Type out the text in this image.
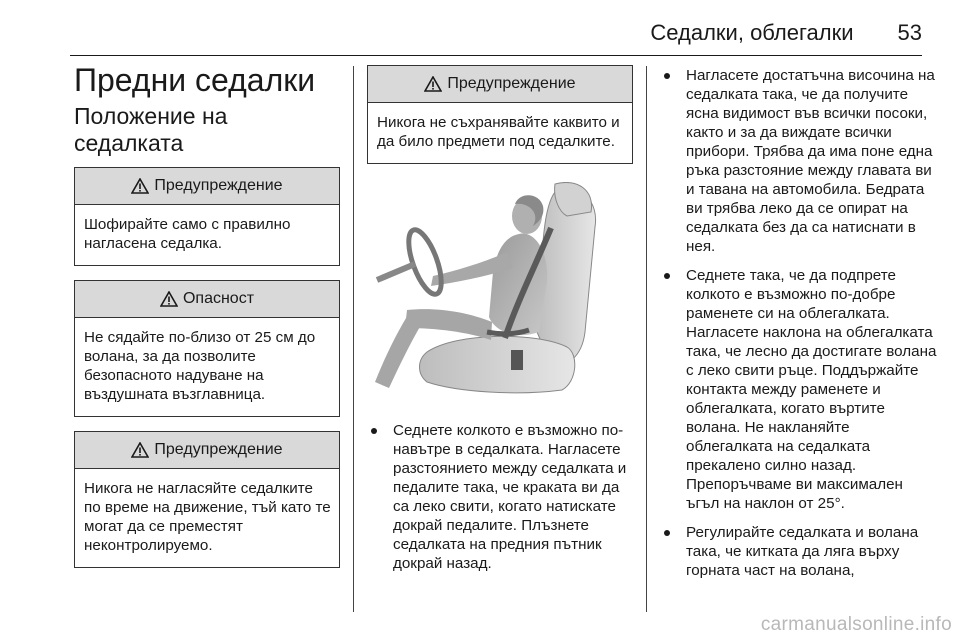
Седалки, облегалки 53
Предни седалки
Положение на седалката
Предупреждение
Шофирайте само с правилно нагласена седалка.
Опасност
Не сядайте по-близо от 25 см до волана, за да позволите безопасното надуване на въздушната възглавница.
Предупреждение
Никога не нагласяйте седалките по време на движение, тъй като те могат да се преместят неконтролируемо.
Предупреждение
Никога не съхранявайте каквито и да било предмети под седалките.
Седнете колкото е възможно по-навътре в седалката. Нагласете разстоянието между седалката и педалите така, че краката ви да са леко свити, когато натискате докрай педалите. Плъзнете седалката на предния пътник докрай назад.
Нагласете достатъчна височина на седалката така, че да получите ясна видимост във всички посоки, както и за да виждате всички прибори. Трябва да има поне една ръка разстояние между главата ви и тавана на автомобила. Бедрата ви трябва леко да се опират на седалката без да са натиснати в нея.
Седнете така, че да подпрете колкото е възможно по-добре раменете си на облегалката. Нагласете наклона на облегалката така, че лесно да достигате волана с леко свити ръце. Поддържайте контакта между раменете и облегалката, когато въртите волана. Не накланяйте облегалката на седалката прекалено силно назад. Препоръчваме ви максимален ъгъл на наклон от 25°.
Регулирайте седалката и волана така, че китката да ляга върху горната част на волана,
carmanualsonline.info
